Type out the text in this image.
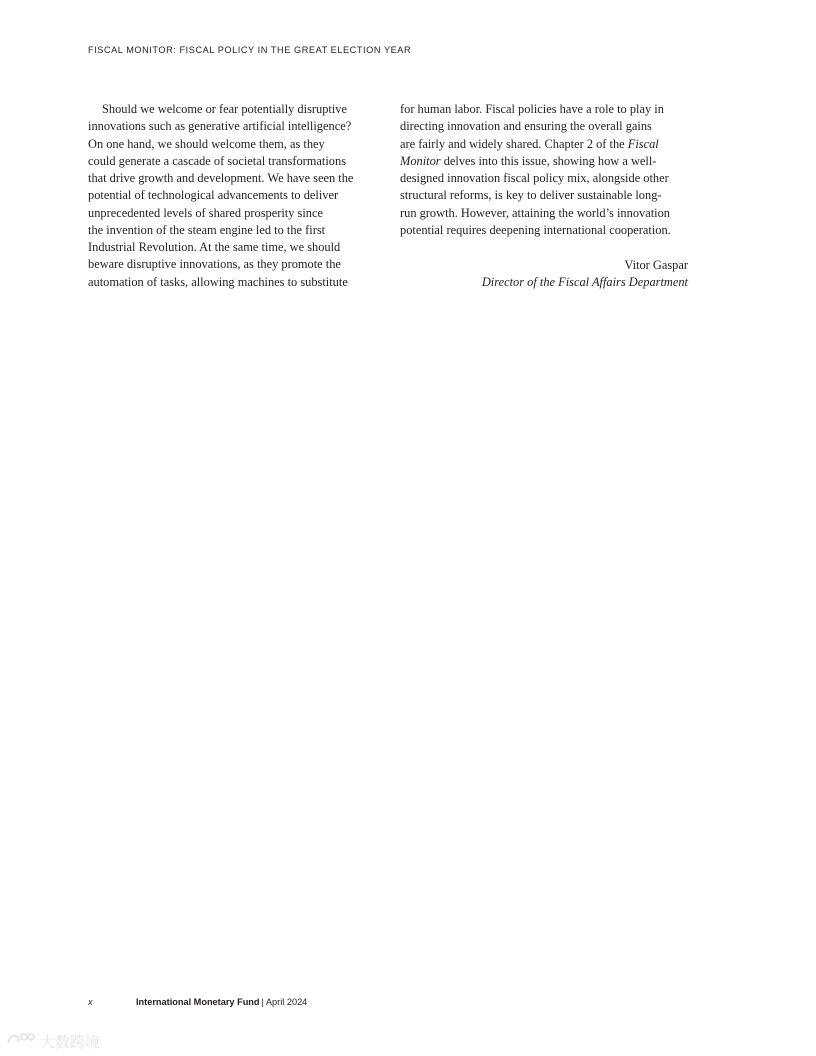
FISCAL MONITOR: FISCAL POLICY IN THE GREAT ELECTION YEAR
Should we welcome or fear potentially disruptive
innovations such as generative artificial intelligence?
On one hand, we should welcome them, as they
could generate a cascade of societal transformations
that drive growth and development. We have seen the
potential of technological advancements to deliver
unprecedented levels of shared prosperity since
the invention of the steam engine led to the first
Industrial Revolution. At the same time, we should
beware disruptive innovations, as they promote the
automation of tasks, allowing machines to substitute
for human labor. Fiscal policies have a role to play in
directing innovation and ensuring the overall gains
are fairly and widely shared. Chapter 2 of the Fiscal
Monitor delves into this issue, showing how a well-
designed innovation fiscal policy mix, alongside other
structural reforms, is key to deliver sustainable long-
run growth. However, attaining the world’s innovation
potential requires deepening international cooperation.
Vitor Gaspar
Director of the Fiscal Affairs Department
x	International Monetary Fund | April 2024
大数跨境
